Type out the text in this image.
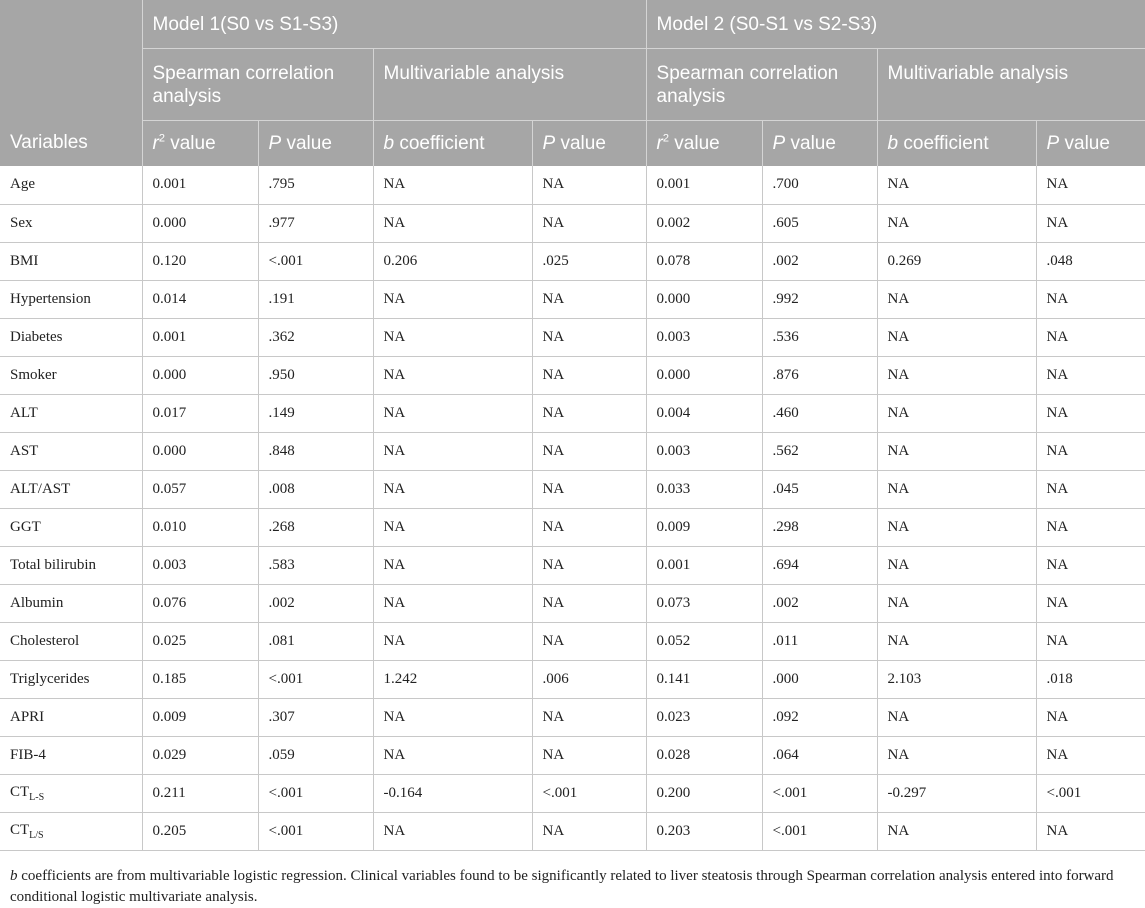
	Model 1(S0 vs S1-S3)				Model 2 (S0-S1 vs S2-S3)			
	Spearman correlation analysis		Multivariable analysis		Spearman correlation analysis		Multivariable analysis	
Variables	$r^2$ value	P value	b coefficient	P value	$r^2$ value	P value	b coefficient	P value
Age	0.001	.795	NA	NA	0.001	.700	NA	NA
Sex	0.000	.977	NA	NA	0.002	.605	NA	NA
BMI	0.120	<.001	0.206	.025	0.078	.002	0.269	.048
Hypertension	0.014	.191	NA	NA	0.000	.992	NA	NA
Diabetes	0.001	.362	NA	NA	0.003	.536	NA	NA
Smoker	0.000	.950	NA	NA	0.000	.876	NA	NA
ALT	0.017	.149	NA	NA	0.004	.460	NA	NA
AST	0.000	.848	NA	NA	0.003	.562	NA	NA
ALT/AST	0.057	.008	NA	NA	0.033	.045	NA	NA
GGT	0.010	.268	NA	NA	0.009	.298	NA	NA
Total bilirubin	0.003	.583	NA	NA	0.001	.694	NA	NA
Albumin	0.076	.002	NA	NA	0.073	.002	NA	NA
Cholesterol	0.025	.081	NA	NA	0.052	.011	NA	NA
Triglycerides	0.185	<.001	1.242	.006	0.141	.000	2.103	.018
APRI	0.009	.307	NA	NA	0.023	.092	NA	NA
FIB-4	0.029	.059	NA	NA	0.028	.064	NA	NA
$CT_{L-S}$	0.211	<.001	-0.164	<.001	0.200	<.001	-0.297	<.001
$CT_{L/S}$	0.205	<.001	NA	NA	0.203	<.001	NA	NA
b coefficients are from multivariable logistic regression. Clinical variables found to be significantly related to liver steatosis through Spearman correlation analysis entered into forward conditional logistic multivariate analysis.
